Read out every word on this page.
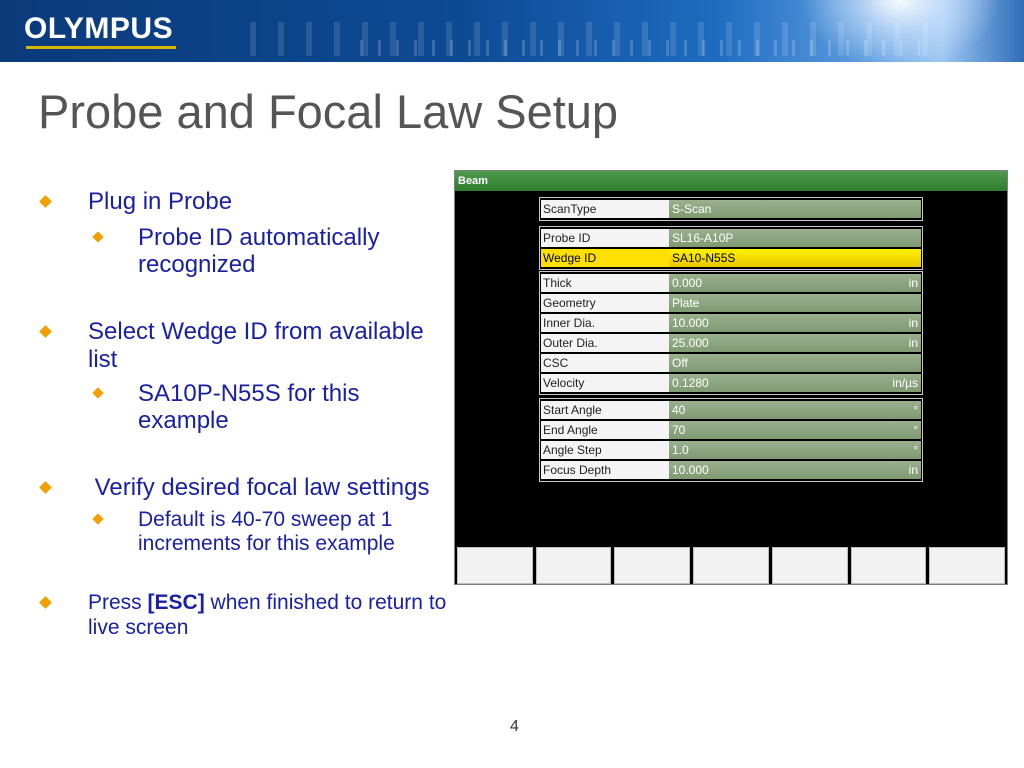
OLYMPUS
Probe and Focal Law Setup
Plug in Probe
Probe ID automatically recognized
Select Wedge ID from available list
SA10P-N55S for this example
Verify desired focal law settings
Default is 40-70 sweep at 1 increments for this example
Press [ESC] when finished to return to live screen
Beam
ScanType	S-Scan
Probe ID	SL16-A10P
Wedge ID	SA10-N55S
Thick	0.000	in
Geometry	Plate
Inner Dia.	10.000	in
Outer Dia.	25.000	in
CSC	Off
Velocity	0.1280	in/µs
Start Angle	40	°
End Angle	70	°
Angle Step	1.0	°
Focus Depth	10.000	in
4
